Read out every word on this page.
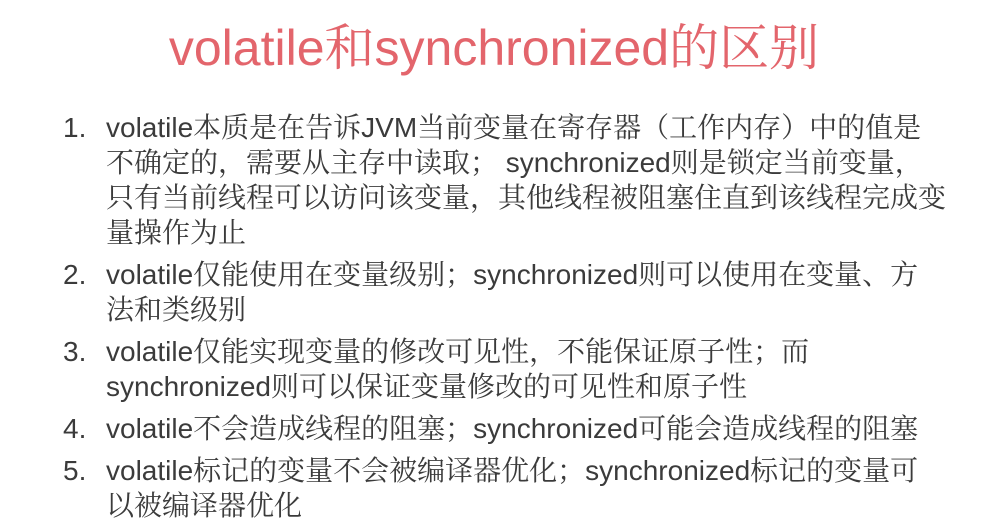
volatile和synchronized的区别
1. volatile本质是在告诉JVM当前变量在寄存器（工作内存）中的值是不确定的，需要从主存中读取； synchronized则是锁定当前变量，只有当前线程可以访问该变量，其他线程被阻塞住直到该线程完成变量操作为止
2. volatile仅能使用在变量级别；synchronized则可以使用在变量、方法和类级别
3. volatile仅能实现变量的修改可见性，不能保证原子性；而synchronized则可以保证变量修改的可见性和原子性
4. volatile不会造成线程的阻塞；synchronized可能会造成线程的阻塞
5. volatile标记的变量不会被编译器优化；synchronized标记的变量可以被编译器优化
